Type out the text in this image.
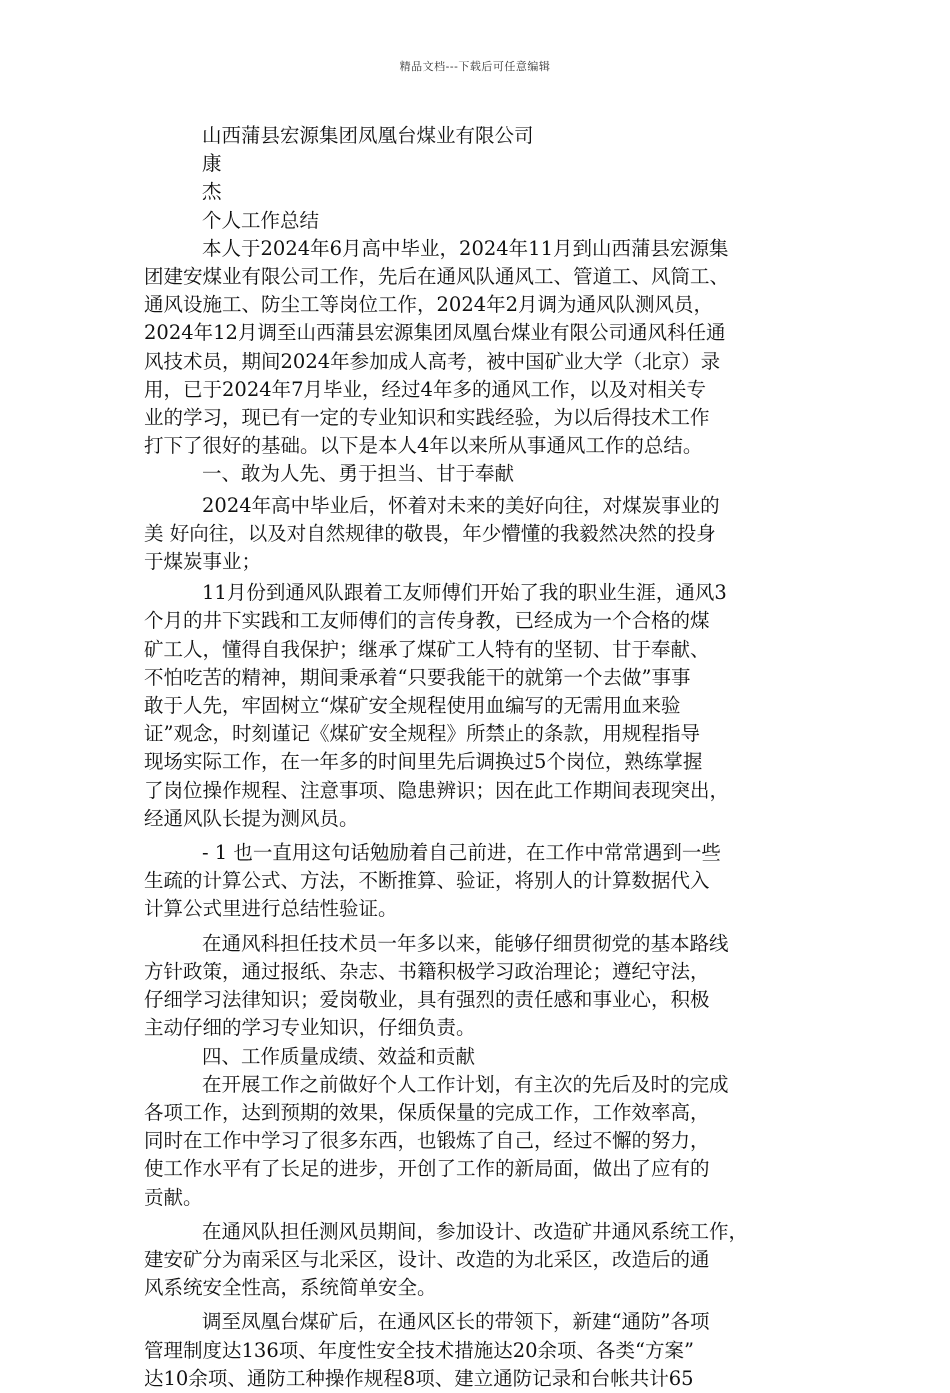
精品文档---下载后可任意编辑
山西蒲县宏源集团凤凰台煤业有限公司
康
杰
个人工作总结
本人于2024年6月高中毕业，2024年11月到山西蒲县宏源集
团建安煤业有限公司工作，先后在通风队通风工、管道工、风筒工、
通风设施工、防尘工等岗位工作，2024年2月调为通风队测风员，
2024年12月调至山西蒲县宏源集团凤凰台煤业有限公司通风科任通
风技术员，期间2024年参加成人高考，被中国矿业大学（北京）录
用，已于2024年7月毕业，经过4年多的通风工作，以及对相关专
业的学习，现已有一定的专业知识和实践经验，为以后得技术工作
打下了很好的基础。以下是本人4年以来所从事通风工作的总结。
一、敢为人先、勇于担当、甘于奉献
2024年高中毕业后，怀着对未来的美好向往，对煤炭事业的
美 好向往，以及对自然规律的敬畏，年少懵懂的我毅然决然的投身
于煤炭事业；
11月份到通风队跟着工友师傅们开始了我的职业生涯，通风3
个月的井下实践和工友师傅们的言传身教，已经成为一个合格的煤
矿工人，懂得自我保护；继承了煤矿工人特有的坚韧、甘于奉献、
不怕吃苦的精神，期间秉承着“只要我能干的就第一个去做”事事
敢于人先，牢固树立“煤矿安全规程使用血编写的无需用血来验
证”观念，时刻谨记《煤矿安全规程》所禁止的条款，用规程指导
现场实际工作，在一年多的时间里先后调换过5个岗位，熟练掌握
了岗位操作规程、注意事项、隐患辨识；因在此工作期间表现突出，
经通风队长提为测风员。
- 1 也一直用这句话勉励着自己前进，在工作中常常遇到一些
生疏的计算公式、方法，不断推算、验证，将别人的计算数据代入
计算公式里进行总结性验证。
在通风科担任技术员一年多以来，能够仔细贯彻党的基本路线
方针政策，通过报纸、杂志、书籍积极学习政治理论；遵纪守法，
仔细学习法律知识；爱岗敬业，具有强烈的责任感和事业心，积极
主动仔细的学习专业知识，仔细负责。
四、工作质量成绩、效益和贡献
在开展工作之前做好个人工作计划，有主次的先后及时的完成
各项工作，达到预期的效果，保质保量的完成工作，工作效率高，
同时在工作中学习了很多东西，也锻炼了自己，经过不懈的努力，
使工作水平有了长足的进步，开创了工作的新局面，做出了应有的
贡献。
在通风队担任测风员期间，参加设计、改造矿井通风系统工作，
建安矿分为南采区与北采区，设计、改造的为北采区，改造后的通
风系统安全性高，系统简单安全。
调至凤凰台煤矿后，在通风区长的带领下，新建“通防”各项
管理制度达136项、年度性安全技术措施达20余项、各类“方案”
达10余项、通防工种操作规程8项、建立通防记录和台帐共计65
